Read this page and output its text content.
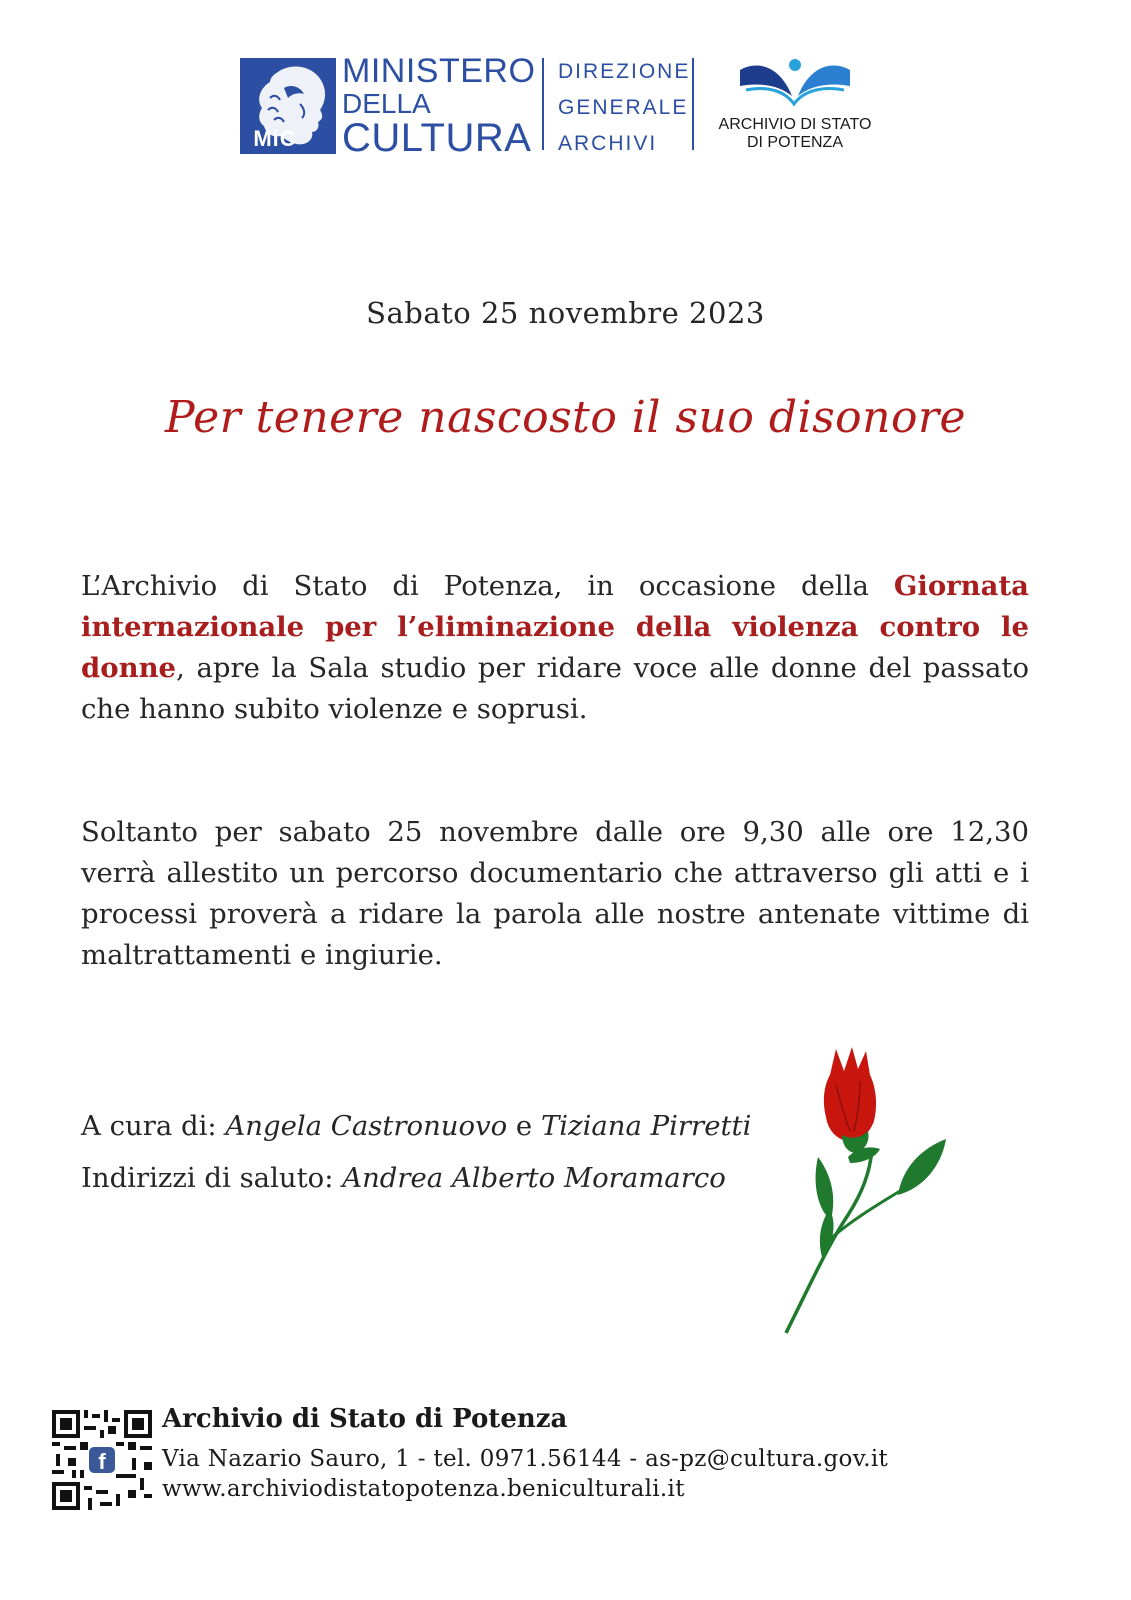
MiC
MINISTERO
DELLA
CULTURA
DIREZIONE
GENERALE
ARCHIVI
ARCHIVIO DI STATO
DI POTENZA
Sabato 25 novembre 2023
Per tenere nascosto il suo disonore
L’Archivio di Stato di Potenza, in occasione della Giornata internazionale per l’eliminazione della violenza contro le donne, apre la Sala studio per ridare voce alle donne del passato che hanno subito violenze e soprusi.
Soltanto per sabato 25 novembre dalle ore 9,30 alle ore 12,30 verrà allestito un percorso documentario che attraverso gli atti e i processi proverà a ridare la parola alle nostre antenate vittime di maltrattamenti e ingiurie.
A cura di: Angela Castronuovo e Tiziana Pirretti
Indirizzi di saluto: Andrea Alberto Moramarco
f
Archivio di Stato di Potenza
Via Nazario Sauro, 1 - tel. 0971.56144 - as-pz@cultura.gov.it
www.archiviodistatopotenza.beniculturali.it
